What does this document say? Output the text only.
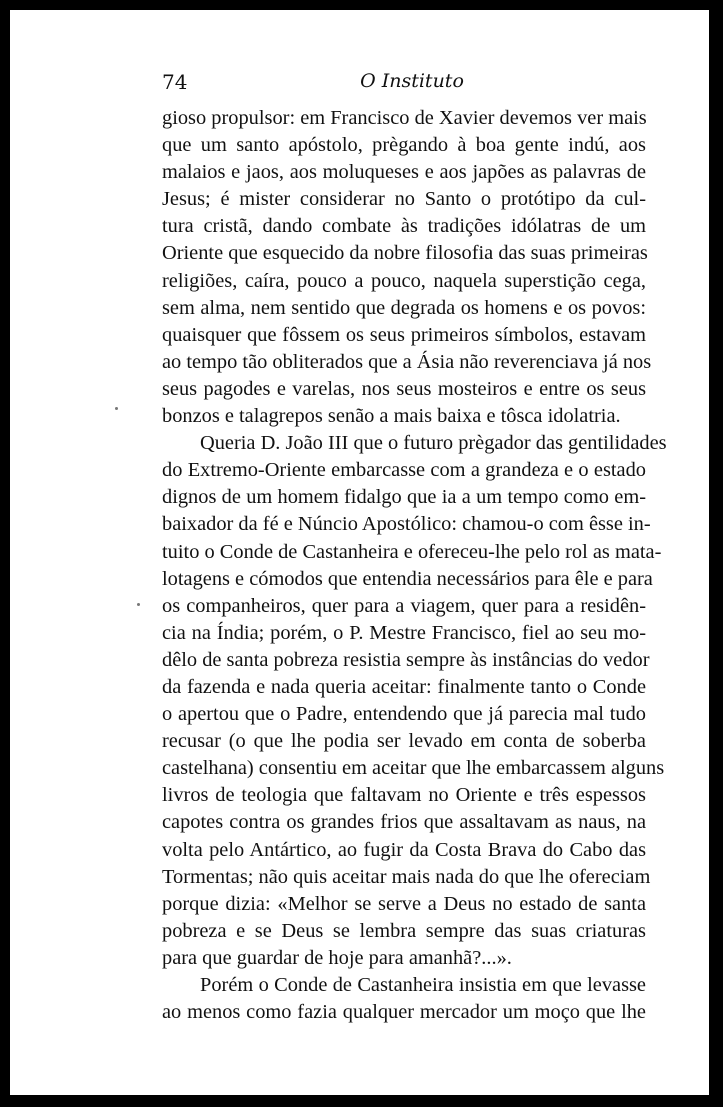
74	O Instituto
gioso propulsor: em Francisco de Xavier devemos ver mais
que um santo apóstolo, prègando à boa gente indú, aos
malaios e jaos, aos moluqueses e aos japões as palavras de
Jesus; é mister considerar no Santo o protótipo da cul-
tura cristã, dando combate às tradições idólatras de um
Oriente que esquecido da nobre filosofia das suas primeiras
religiões, caíra, pouco a pouco, naquela superstição cega,
sem alma, nem sentido que degrada os homens e os povos:
quaisquer que fôssem os seus primeiros símbolos, estavam
ao tempo tão obliterados que a Ásia não reverenciava já nos
seus pagodes e varelas, nos seus mosteiros e entre os seus
bonzos e talagrepos senão a mais baixa e tôsca idolatria.
Queria D. João III que o futuro prègador das gentilidades
do Extremo-Oriente embarcasse com a grandeza e o estado
dignos de um homem fidalgo que ia a um tempo como em-
baixador da fé e Núncio Apostólico: chamou-o com êsse in-
tuito o Conde de Castanheira e ofereceu-lhe pelo rol as mata-
lotagens e cómodos que entendia necessários para êle e para
os companheiros, quer para a viagem, quer para a residên-
cia na Índia; porém, o P. Mestre Francisco, fiel ao seu mo-
dêlo de santa pobreza resistia sempre às instâncias do vedor
da fazenda e nada queria aceitar: finalmente tanto o Conde
o apertou que o Padre, entendendo que já parecia mal tudo
recusar (o que lhe podia ser levado em conta de soberba
castelhana) consentiu em aceitar que lhe embarcassem alguns
livros de teologia que faltavam no Oriente e três espessos
capotes contra os grandes frios que assaltavam as naus, na
volta pelo Antártico, ao fugir da Costa Brava do Cabo das
Tormentas; não quis aceitar mais nada do que lhe ofereciam
porque dizia: «Melhor se serve a Deus no estado de santa
pobreza e se Deus se lembra sempre das suas criaturas
para que guardar de hoje para amanhã?...».
Porém o Conde de Castanheira insistia em que levasse
ao menos como fazia qualquer mercador um moço que lhe
